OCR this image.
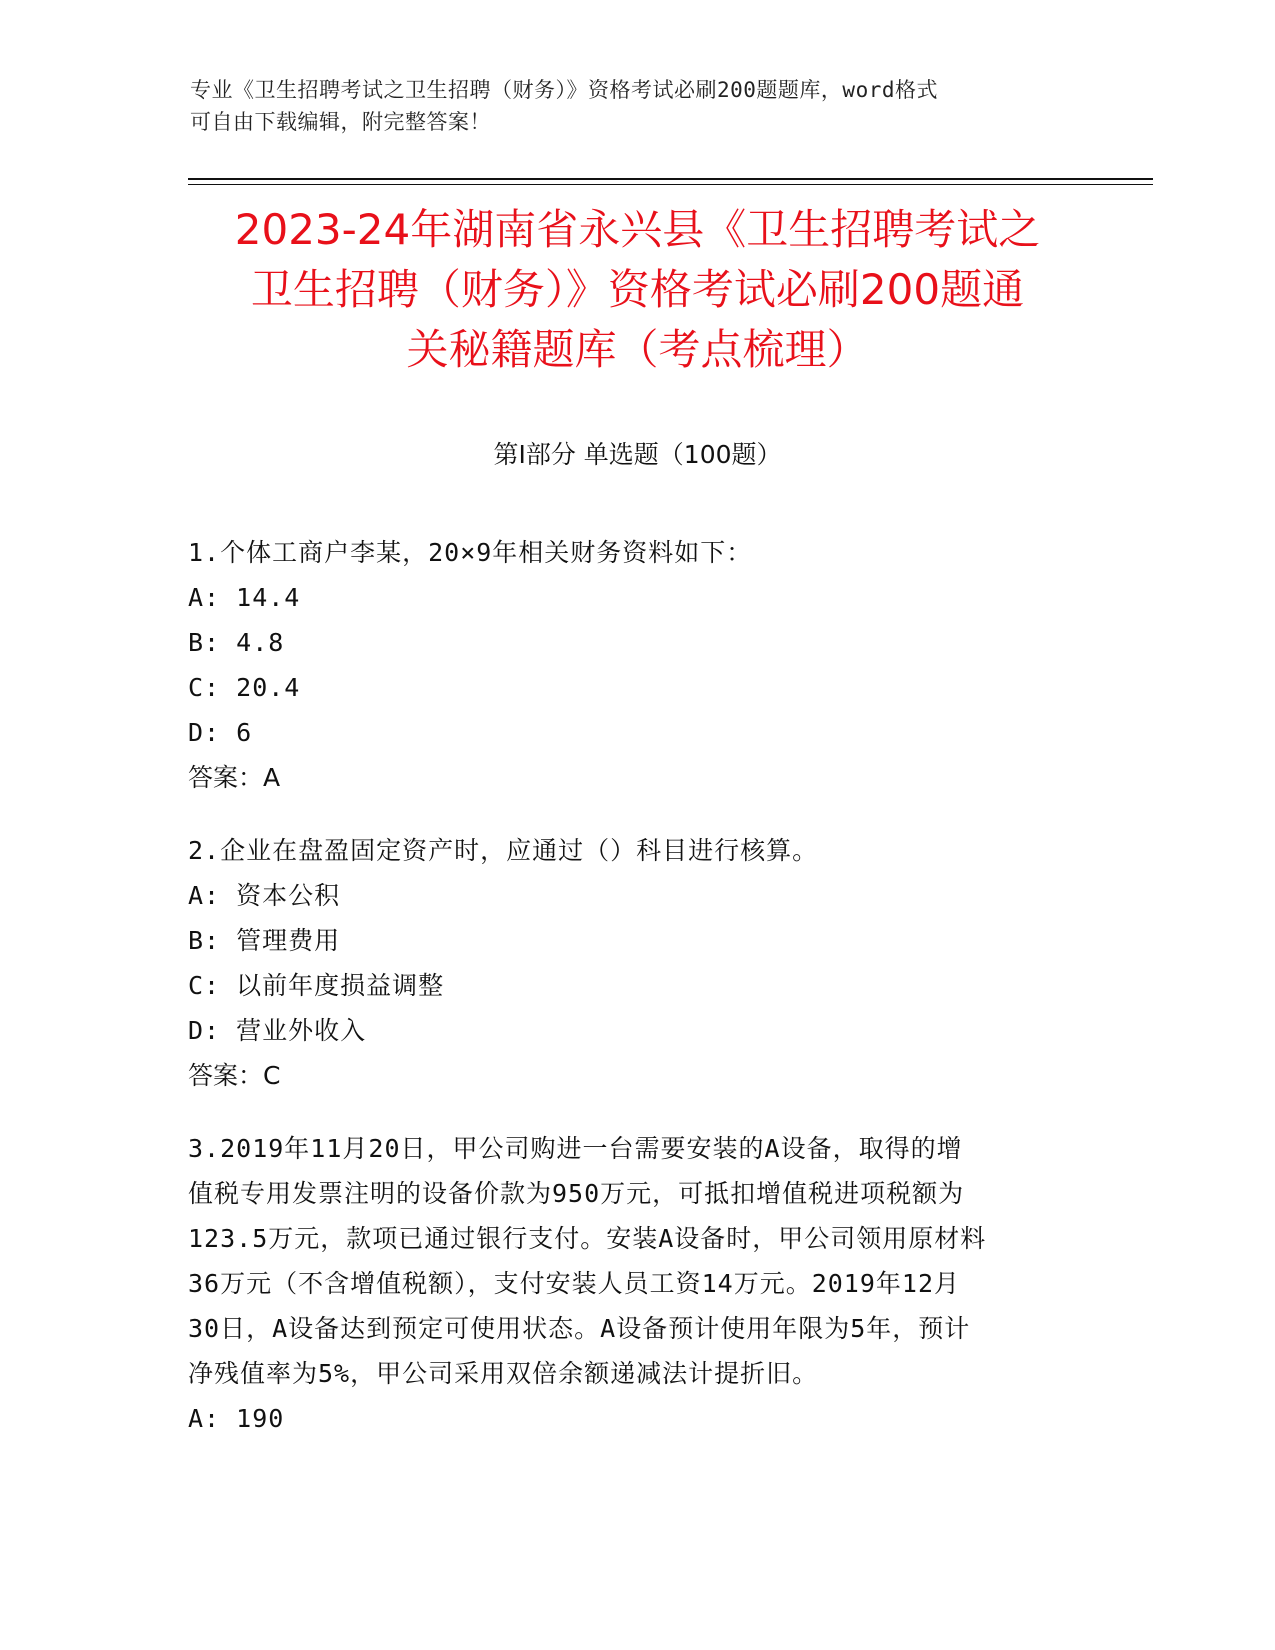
专业《卫生招聘考试之卫生招聘（财务）》资格考试必刷200题题库，word格式
可自由下载编辑，附完整答案！
2023-24年湖南省永兴县《卫生招聘考试之
卫生招聘（财务）》资格考试必刷200题通
关秘籍题库（考点梳理）
第Ⅰ部分 单选题（100题）
1.个体工商户李某，20×9年相关财务资料如下：
A: 14.4
B: 4.8
C: 20.4
D: 6
答案：A
2.企业在盘盈固定资产时，应通过（）科目进行核算。
A: 资本公积
B: 管理费用
C: 以前年度损益调整
D: 营业外收入
答案：C
3.2019年11月20日，甲公司购进一台需要安装的A设备，取得的增
值税专用发票注明的设备价款为950万元，可抵扣增值税进项税额为
123.5万元，款项已通过银行支付。安装A设备时，甲公司领用原材料
36万元（不含增值税额），支付安装人员工资14万元。2019年12月
30日，A设备达到预定可使用状态。A设备预计使用年限为5年，预计
净残值率为5%，甲公司采用双倍余额递减法计提折旧。
A: 190
